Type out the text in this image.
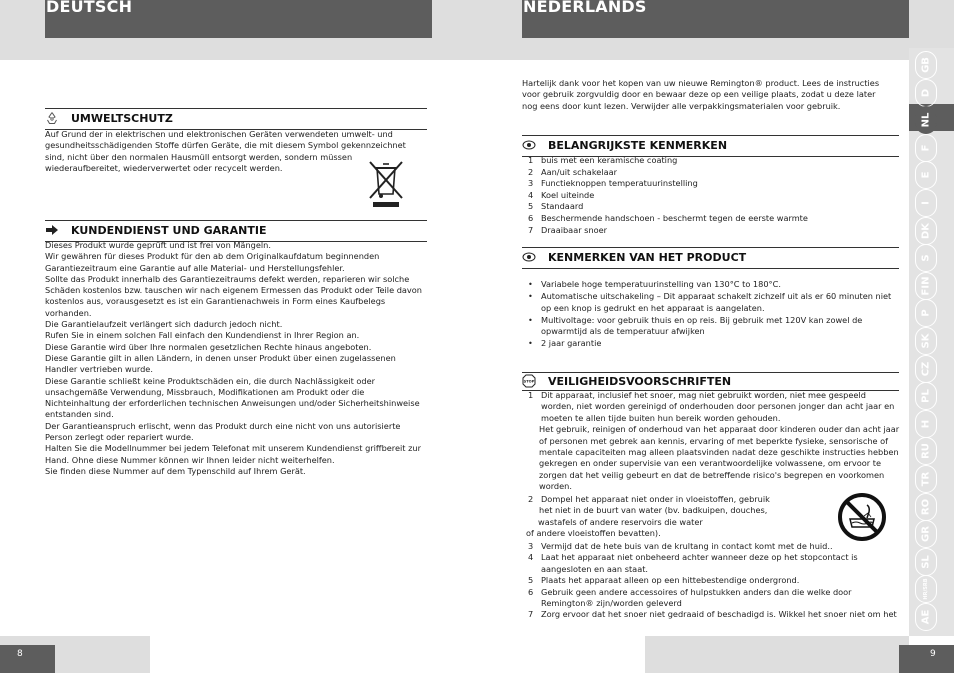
DEUTSCH	NEDERLANDS
8	9
UMWELTSCHUTZ

Auf Grund der in elektrischen und elektronischen Geräten verwendeten umwelt- und gesundheitsschädigenden Stoffe dürfen Geräte, die mit diesem Symbol gekennzeichnet sind, nicht über den normalen Hausmüll entsorgt werden, sondern müssen wiederaufbereitet, wiederverwertet oder recycelt werden.

KUNDENDIENST UND GARANTIE

Dieses Produkt wurde geprüft und ist frei von Mängeln.

Wir gewähren für dieses Produkt für den ab dem Originalkaufdatum beginnenden Garantiezeitraum eine Garantie auf alle Material- und Herstellungsfehler.

Sollte das Produkt innerhalb des Garantiezeitraums defekt werden, reparieren wir solche Schäden kostenlos bzw. tauschen wir nach eigenem Ermessen das Produkt oder Teile davon kostenlos aus, vorausgesetzt es ist ein Garantienachweis in Form eines Kaufbelegs vorhanden.

Die Garantielaufzeit verlängert sich dadurch jedoch nicht.

Rufen Sie in einem solchen Fall einfach den Kundendienst in Ihrer Region an.

Diese Garantie wird über Ihre normalen gesetzlichen Rechte hinaus angeboten.

Diese Garantie gilt in allen Ländern, in denen unser Produkt über einen zugelassenen Handler vertrieben wurde.

Diese Garantie schließt keine Produktschäden ein, die durch Nachlässigkeit oder unsachgemäße Verwendung, Missbrauch, Modifikationen am Produkt oder die Nichteinhaltung der erforderlichen technischen Anweisungen und/oder Sicherheitshinweise entstanden sind.

Der Garantieanspruch erlischt, wenn das Produkt durch eine nicht von uns autorisierte Person zerlegt oder repariert wurde.

Halten Sie die Modellnummer bei jedem Telefonat mit unserem Kundendienst griffbereit zur Hand. Ohne diese Nummer können wir Ihnen leider nicht weiterhelfen.

Sie finden diese Nummer auf dem Typenschild auf Ihrem Gerät.

Hartelijk dank voor het kopen van uw nieuwe Remington® product. Lees de instructies voor gebruik zorgvuldig door en bewaar deze op een veilige plaats, zodat u deze later nog eens door kunt lezen. Verwijder alle verpakkingsmaterialen voor gebruik.

BELANGRIJKSTE KENMERKEN
1 buis met een keramische coating
2 Aan/uit schakelaar
3 Functieknoppen temperatuurinstelling
4 Koel uiteinde
5 Standaard
6 Beschermende handschoen - beschermt tegen de eerste warmte
7 Draaibaar snoer
KENMERKEN VAN HET PRODUCT
• Variabele hoge temperatuurinstelling van 130°C to 180°C.
• Automatische uitschakeling – Dit apparaat schakelt zichzelf uit als er 60 minuten niet op een knop is gedrukt en het apparaat is aangelaten.
• Multivoltage: voor gebruik thuis en op reis. Bij gebruik met 120V kan zowel de opwarmtijd als de temperatuur afwijken
• 2 jaar garantie
STOP VEILIGHEIDSVOORSCHRIFTEN
1 Dit apparaat, inclusief het snoer, mag niet gebruikt worden, niet mee gespeeld worden, niet worden gereinigd of onderhouden door personen jonger dan acht jaar en moeten te allen tijde buiten hun bereik worden gehouden.
Het gebruik, reinigen of onderhoud van het apparaat door kinderen ouder dan acht jaar of personen met gebrek aan kennis, ervaring of met beperkte fysieke, sensorische of mentale capaciteiten mag alleen plaatsvinden nadat deze geschikte instructies hebben gekregen en onder supervisie van een verantwoordelijke volwassene, om ervoor te zorgen dat het veilig gebeurt en dat de betreffende risico's begrepen en voorkomen worden.
2 Dompel het apparaat niet onder in vloeistoffen, gebruik
het niet in de buurt van water (bv. badkuipen, douches,
wastafels of andere reservoirs die water
of andere vloeistoffen bevatten).
3 Vermijd dat de hete buis van de krultang in contact komt met de huid..
4 Laat het apparaat niet onbeheerd achter wanneer deze op het stopcontact is aangesloten en aan staat.
5 Plaats het apparaat alleen op een hittebestendige ondergrond.
6 Gebruik geen andere accessoires of hulpstukken anders dan die welke door Remington® zijn/worden geleverd
7 Zorg ervoor dat het snoer niet gedraaid of beschadigd is. Wikkel het snoer niet om het
GB
D
NL
F
E
I
DK
S
FIN
P
SK
CZ
PL
H
RU
TR
RO
GR
SL
HR/SRB
AE
